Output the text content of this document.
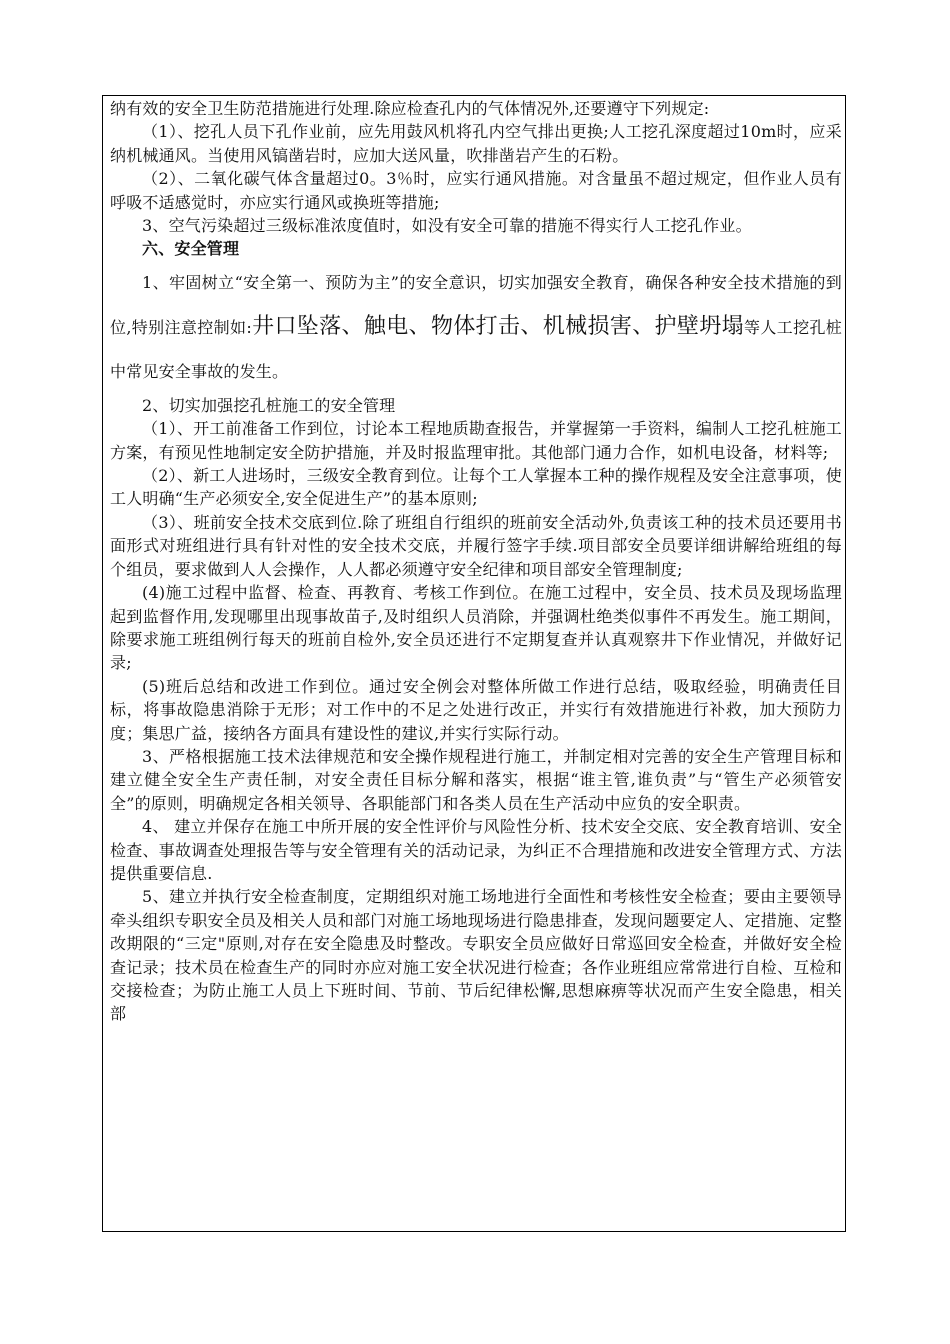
纳有效的安全卫生防范措施进行处理.除应检查孔内的气体情况外,还要遵守下列规定:

（1）、挖孔人员下孔作业前，应先用鼓风机将孔内空气排出更换;人工挖孔深度超过10m时，应采纳机械通风。当使用风镐凿岩时，应加大送风量，吹排凿岩产生的石粉。

（2）、二氧化碳气体含量超过0。3％时，应实行通风措施。对含量虽不超过规定，但作业人员有呼吸不适感觉时，亦应实行通风或换班等措施;

3、空气污染超过三级标准浓度值时，如没有安全可靠的措施不得实行人工挖孔作业。

六、安全管理

1、牢固树立“安全第一、预防为主”的安全意识，切实加强安全教育，确保各种安全技术措施的到位,特别注意控制如:井口坠落、触电、物体打击、机械损害、护壁坍塌等人工挖孔桩中常见安全事故的发生。

2、切实加强挖孔桩施工的安全管理

（1）、开工前准备工作到位，讨论本工程地质勘查报告，并掌握第一手资料，编制人工挖孔桩施工方案，有预见性地制定安全防护措施，并及时报监理审批。其他部门通力合作，如机电设备，材料等;

（2）、新工人进场时，三级安全教育到位。让每个工人掌握本工种的操作规程及安全注意事项，使工人明确“生产必须安全,安全促进生产”的基本原则;

（3）、班前安全技术交底到位.除了班组自行组织的班前安全活动外,负责该工种的技术员还要用书面形式对班组进行具有针对性的安全技术交底，并履行签字手续.项目部安全员要详细讲解给班组的每个组员，要求做到人人会操作，人人都必须遵守安全纪律和项目部安全管理制度;

(4)施工过程中监督、检查、再教育、考核工作到位。在施工过程中，安全员、技术员及现场监理起到监督作用,发现哪里出现事故苗子,及时组织人员消除，并强调杜绝类似事件不再发生。施工期间，除要求施工班组例行每天的班前自检外,安全员还进行不定期复查并认真观察井下作业情况，并做好记录;

(5)班后总结和改进工作到位。通过安全例会对整体所做工作进行总结，吸取经验，明确责任目标，将事故隐患消除于无形；对工作中的不足之处进行改正，并实行有效措施进行补救，加大预防力度；集思广益，接纳各方面具有建设性的建议,并实行实际行动。

3、严格根据施工技术法律规范和安全操作规程进行施工，并制定相对完善的安全生产管理目标和建立健全安全生产责任制，对安全责任目标分解和落实，根据“谁主管,谁负责”与“管生产必须管安全”的原则，明确规定各相关领导、各职能部门和各类人员在生产活动中应负的安全职责。

4、 建立并保存在施工中所开展的安全性评价与风险性分析、技术安全交底、安全教育培训、安全检查、事故调查处理报告等与安全管理有关的活动记录，为纠正不合理措施和改进安全管理方式、方法提供重要信息.

5、建立并执行安全检查制度，定期组织对施工场地进行全面性和考核性安全检查；要由主要领导牵头组织专职安全员及相关人员和部门对施工场地现场进行隐患排查，发现问题要定人、定措施、定整改期限的“三定"原则,对存在安全隐患及时整改。专职安全员应做好日常巡回安全检查，并做好安全检查记录；技术员在检查生产的同时亦应对施工安全状况进行检查；各作业班组应常常进行自检、互检和交接检查；为防止施工人员上下班时间、节前、节后纪律松懈,思想麻痹等状况而产生安全隐患，相关部
